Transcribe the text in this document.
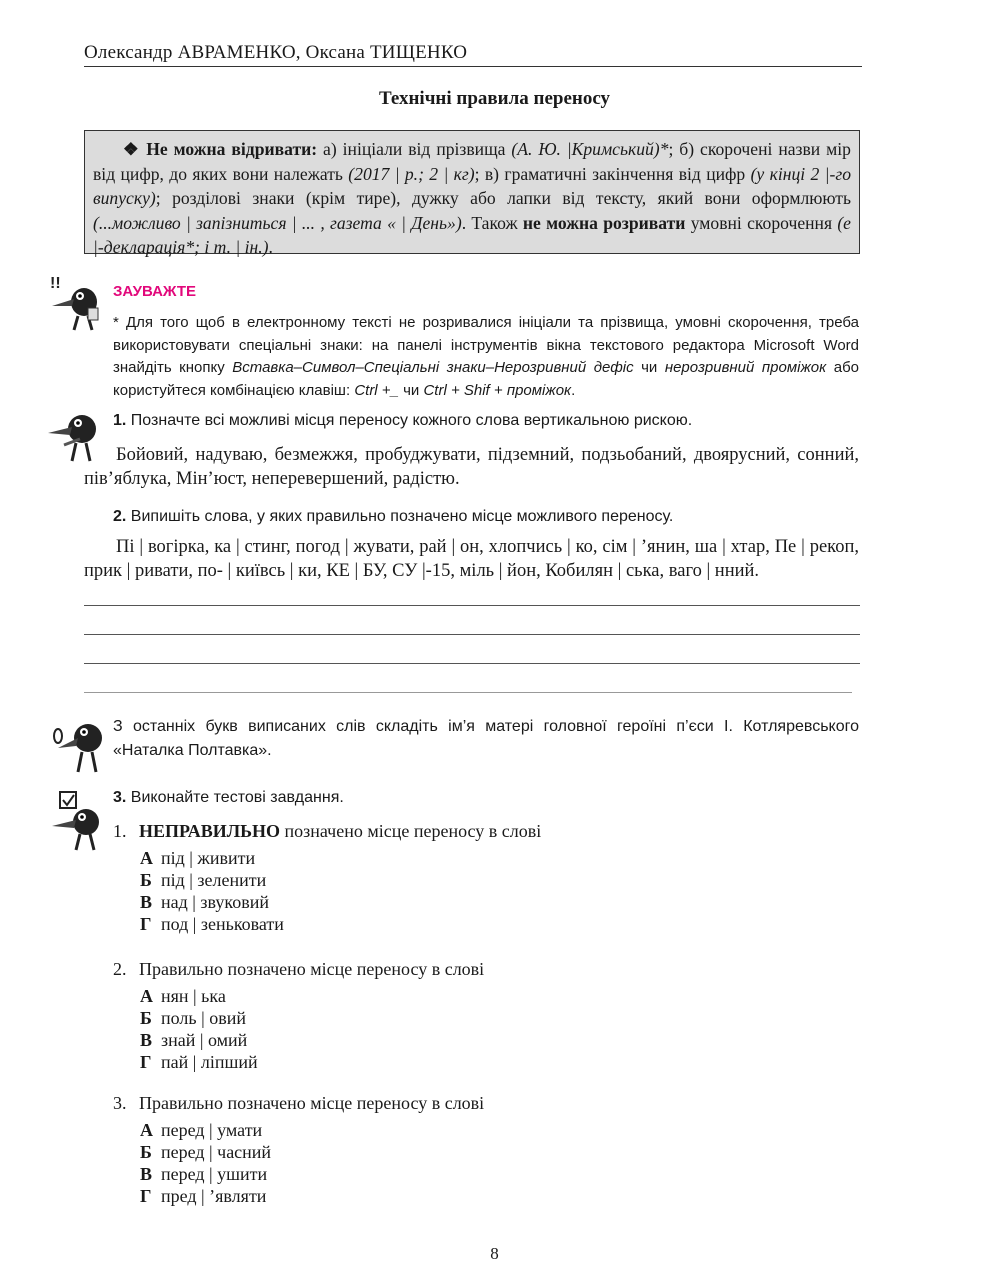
Олександр АВРАМЕНКО, Оксана ТИЩЕНКО
Технічні правила переносу

❖ Не можна відривати: а) ініціали від прізвища (А. Ю. |Кримський)*; б) скорочені назви мір від цифр, до яких вони належать (2017 | р.; 2 | кг); в) граматичні закінчення від цифр (у кінці 2 |-го випуску); розділові знаки (крім тире), дужку або лапки від тексту, який вони оформлюють (...можливо | запізниться | ... , газета « | День»). Також не можна розривати умовні скорочення (е |-декларація*; і т. | ін.).

!!	ЗАУВАЖТЕ
* Для того щоб в електронному тексті не розривалися ініціали та прізвища, умовні скорочення, треба використовувати спеціальні знаки: на панелі інструментів вікна текстового редактора Microsoft Word знайдіть кнопку Вставка–Символ–Спеціальні знаки–Нерозривний дефіс чи нерозривний проміжок або користуйтеся комбінацією клавіш: Ctrl +_ чи Ctrl + Shif + проміжок.
1. Позначте всі можливі місця переносу кожного слова вертикальною рискою.
Бойовий, надуваю, безмежжя, пробуджувати, підземний, подзьобаний, двоярусний, сонний, пів’яблука, Мін’юст, неперевершений, радістю.
2. Випишіть слова, у яких правильно позначено місце можливого переносу.
Пі | вогірка, ка | стинг, погод | жувати, рай | он, хлопчись | ко, сім | ’янин, ша | хтар, Пе | рекоп, прик | ривати, по- | київсь | ки, КЕ | БУ, СУ |-15, міль | йон, Кобилян | ська, ваго | нний.
З останніх букв виписаних слів складіть ім’я матері головної героїні п’єси І. Котляревського «Наталка Полтавка».
3. Виконайте тестові завдання.
1. НЕПРАВИЛЬНО позначено місце переносу в слові
А під | живити
Б під | зеленити
В над | звуковий
Г под | зеньковати
2. Правильно позначено місце переносу в слові
А нян | ька
Б поль | овий
В знай | омий
Г пай | ліпший
3. Правильно позначено місце переносу в слові
А перед | умати
Б перед | часний
В перед | ушити
Г пред | ’являти
8
